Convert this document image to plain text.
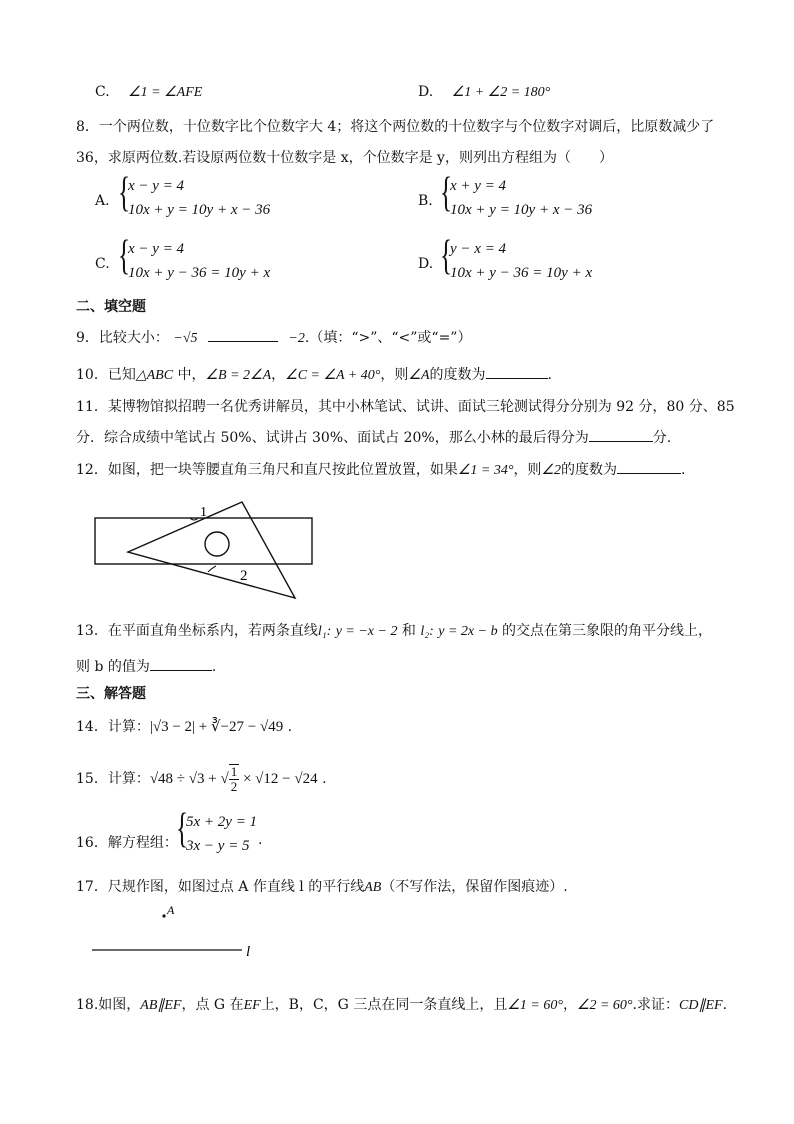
C. ∠1 = ∠AFE	D. ∠1 + ∠2 = 180°
8．一个两位数，十位数字比个位数字大 4；将这个两位数的十位数字与个位数字对调后，比原数减少了
36，求原两位数.若设原两位数十位数字是 x，个位数字是 y，则列出方程组为（　　）
A. {
x − y = 4
10x + y = 10y + x − 36
B. {
x + y = 4
10x + y = 10y + x − 36
C. {
x − y = 4
10x + y − 36 = 10y + x
D. {
y − x = 4
10x + y − 36 = 10y + x
二、填空题
9．比较大小： −√5	−2.（填：“>”、“<”或“=”）
10．已知△ABC 中，∠B = 2∠A，∠C = ∠A + 40°，则∠A的度数为	.
11．某博物馆拟招聘一名优秀讲解员，其中小林笔试、试讲、面试三轮测试得分分别为 92 分，80 分、85
分．综合成绩中笔试占 50%、试讲占 30%、面试占 20%，那么小林的最后得分为	分.
12．如图，把一块等腰直角三角尺和直尺按此位置放置，如果∠1 = 34°，则∠2的度数为	.
1
2
13．在平面直角坐标系内，若两条直线l₁: y = −x − 2 和 l₂: y = 2x − b 的交点在第三象限的角平分线上，
则 b 的值为	.
三、解答题
14．计算：|√3 − 2| + ∛−27 − √49 .
15．计算：√48 ÷ √3 + √ $\frac{1}{2} \times √12 - √24$ .
16．解方程组：
{
5x + 2y = 1
3x − y = 5 .
17．尺规作图，如图过点 A 作直线 l 的平行线AB（不写作法，保留作图痕迹）.
A
l
18.如图，AB∥EF，点 G 在EF上，B，C，G 三点在同一条直线上，且∠1 = 60°，∠2 = 60°.求证：CD∥EF.
